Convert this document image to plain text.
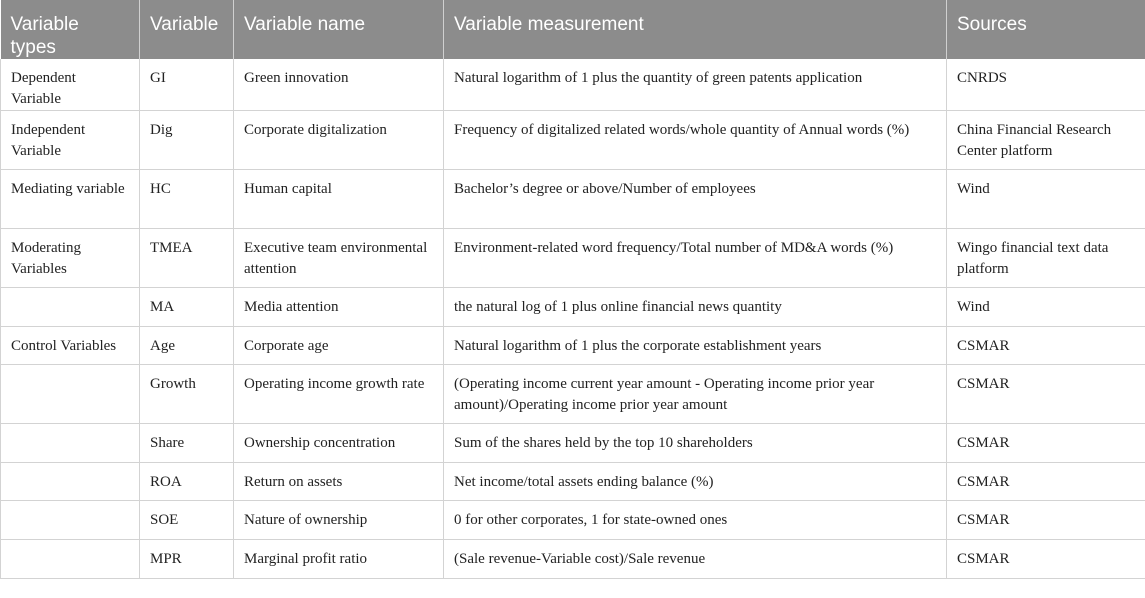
Variable types	Variable	Variable name	Variable measurement	Sources
Dependent Variable	GI	Green innovation	Natural logarithm of 1 plus the quantity of green patents application	CNRDS
Independent Variable	Dig	Corporate digitalization	Frequency of digitalized related words/whole quantity of Annual words (%)	China Financial Research Center platform
Mediating variable	HC	Human capital	Bachelor’s degree or above/Number of employees	Wind
Moderating Variables	TMEA	Executive team environmental attention	Environment-related word frequency/Total number of MD&A words (%)	Wingo financial text data platform
	MA	Media attention	the natural log of 1 plus online financial news quantity	Wind
Control Variables	Age	Corporate age	Natural logarithm of 1 plus the corporate establishment years	CSMAR
	Growth	Operating income growth rate	(Operating income current year amount - Operating income prior year amount)/Operating income prior year amount	CSMAR
	Share	Ownership concentration	Sum of the shares held by the top 10 shareholders	CSMAR
	ROA	Return on assets	Net income/total assets ending balance (%)	CSMAR
	SOE	Nature of ownership	0 for other corporates, 1 for state-owned ones	CSMAR
	MPR	Marginal profit ratio	(Sale revenue-Variable cost)/Sale revenue	CSMAR
